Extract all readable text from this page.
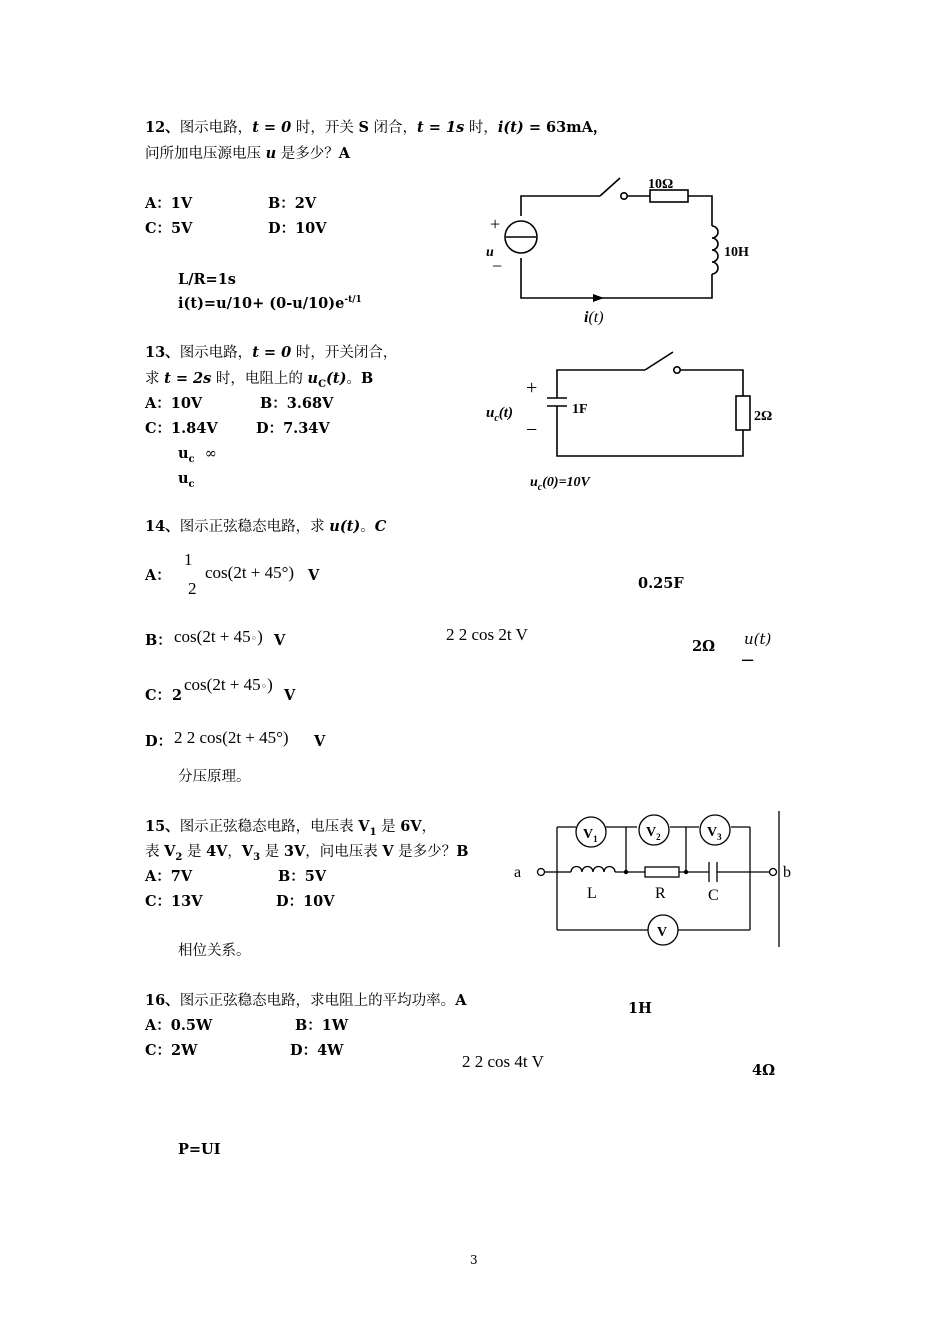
12、图示电路，t = 0 时，开关 S 闭合，t = 1s 时，i(t) = 63mA，
问所加电压源电压 u 是多少？A
A：1V	B：2V
C：5V	D：10V
L/R=1s
$i(t)=u/10+ (0-u/10)e^{-t/1}$
10Ω
10H
+
u
−
i(t)
13、图示电路，t = 0 时，开关闭合，
求 t = 2s 时，电阻上的 $u_C(t)$。B
A：10V	B：3.68V
C：1.84V	D：7.34V
$u_c$ ∞
$u_c$
+
$u_c(t)$
−
1F	2Ω
$u_c(0)=10V$
14、图示正弦稳态电路，求 u(t)。C
A：
1
2
cos(2t + 45°) V
B： cos(2t + 45◦) V	2 2 cos 2t V
0.25F
2Ω u(t)
−
C： 2
cos(2t + 45◦)
V
D： 2 2 cos(2t + 45°) V
分压原理。
15、图示正弦稳态电路，电压表 $V_1$ 是 6V，
表 $V_2$ 是 4V，$V_3$ 是 3V，问电压表 V 是多少？B
A：7V	B：5V
C：13V	D：10V
相位关系。
$V_1$	$V_2$	$V_3$
V
a	b
L	R	C
16、图示正弦稳态电路，求电阻上的平均功率。A
A：0.5W	B：1W
C：2W	D：4W
1H
2 2 cos 4t V	4Ω
P=UI
3
